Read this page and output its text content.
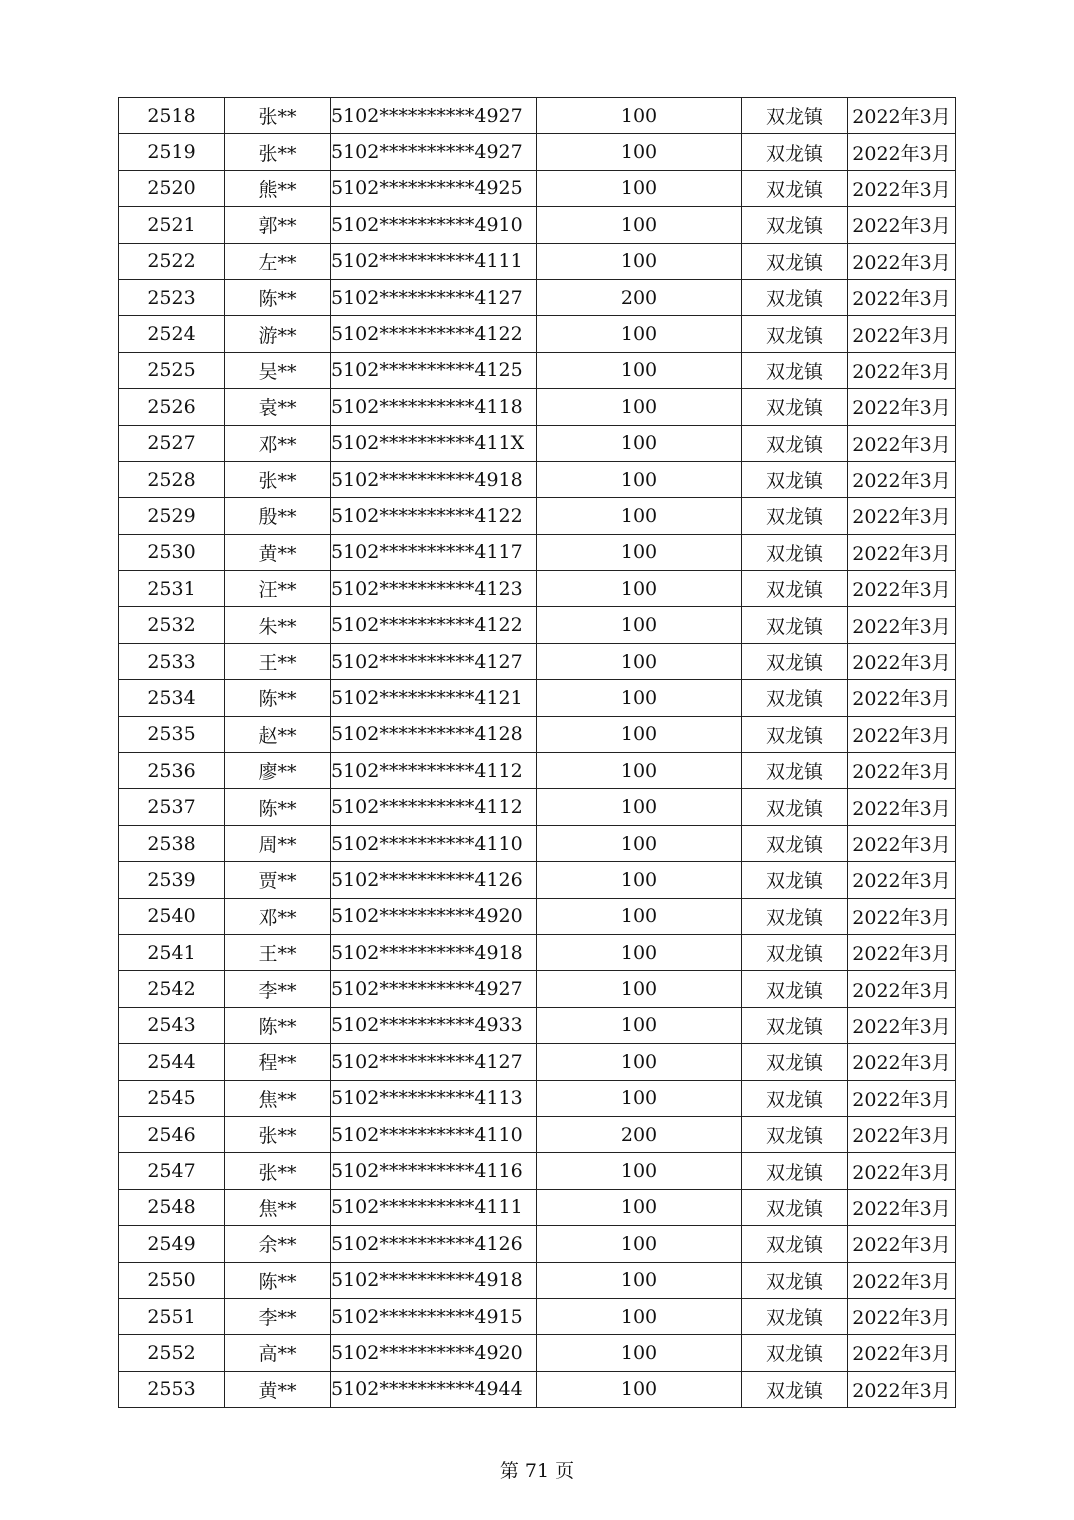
2518	张**	5102**********4927	100	双龙镇	2022年3月
2519	张**	5102**********4927	100	双龙镇	2022年3月
2520	熊**	5102**********4925	100	双龙镇	2022年3月
2521	郭**	5102**********4910	100	双龙镇	2022年3月
2522	左**	5102**********4111	100	双龙镇	2022年3月
2523	陈**	5102**********4127	200	双龙镇	2022年3月
2524	游**	5102**********4122	100	双龙镇	2022年3月
2525	吴**	5102**********4125	100	双龙镇	2022年3月
2526	袁**	5102**********4118	100	双龙镇	2022年3月
2527	邓**	5102**********411X	100	双龙镇	2022年3月
2528	张**	5102**********4918	100	双龙镇	2022年3月
2529	殷**	5102**********4122	100	双龙镇	2022年3月
2530	黄**	5102**********4117	100	双龙镇	2022年3月
2531	汪**	5102**********4123	100	双龙镇	2022年3月
2532	朱**	5102**********4122	100	双龙镇	2022年3月
2533	王**	5102**********4127	100	双龙镇	2022年3月
2534	陈**	5102**********4121	100	双龙镇	2022年3月
2535	赵**	5102**********4128	100	双龙镇	2022年3月
2536	廖**	5102**********4112	100	双龙镇	2022年3月
2537	陈**	5102**********4112	100	双龙镇	2022年3月
2538	周**	5102**********4110	100	双龙镇	2022年3月
2539	贾**	5102**********4126	100	双龙镇	2022年3月
2540	邓**	5102**********4920	100	双龙镇	2022年3月
2541	王**	5102**********4918	100	双龙镇	2022年3月
2542	李**	5102**********4927	100	双龙镇	2022年3月
2543	陈**	5102**********4933	100	双龙镇	2022年3月
2544	程**	5102**********4127	100	双龙镇	2022年3月
2545	焦**	5102**********4113	100	双龙镇	2022年3月
2546	张**	5102**********4110	200	双龙镇	2022年3月
2547	张**	5102**********4116	100	双龙镇	2022年3月
2548	焦**	5102**********4111	100	双龙镇	2022年3月
2549	余**	5102**********4126	100	双龙镇	2022年3月
2550	陈**	5102**********4918	100	双龙镇	2022年3月
2551	李**	5102**********4915	100	双龙镇	2022年3月
2552	高**	5102**********4920	100	双龙镇	2022年3月
2553	黄**	5102**********4944	100	双龙镇	2022年3月
第 71 页
